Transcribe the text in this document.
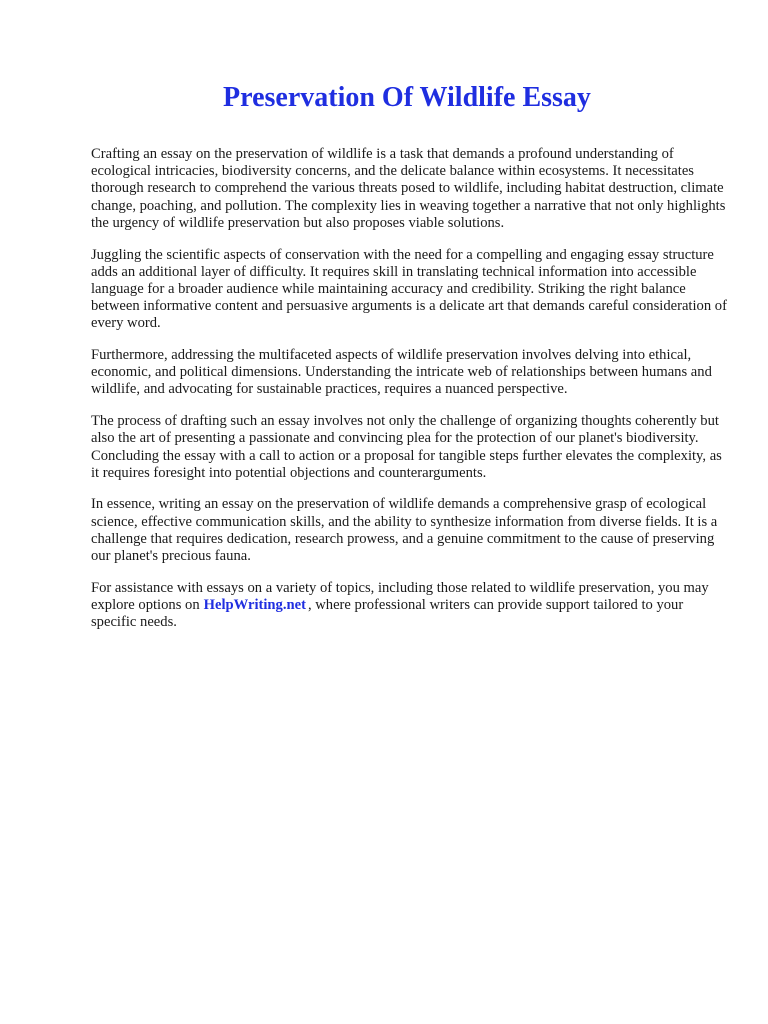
Preservation Of Wildlife Essay

Crafting an essay on the preservation of wildlife is a task that demands a profound understanding of ecological intricacies, biodiversity concerns, and the delicate balance within ecosystems. It necessitates thorough research to comprehend the various threats posed to wildlife, including habitat destruction, climate change, poaching, and pollution. The complexity lies in weaving together a narrative that not only highlights the urgency of wildlife preservation but also proposes viable solutions.

Juggling the scientific aspects of conservation with the need for a compelling and engaging essay structure adds an additional layer of difficulty. It requires skill in translating technical information into accessible language for a broader audience while maintaining accuracy and credibility. Striking the right balance between informative content and persuasive arguments is a delicate art that demands careful consideration of every word.

Furthermore, addressing the multifaceted aspects of wildlife preservation involves delving into ethical, economic, and political dimensions. Understanding the intricate web of relationships between humans and wildlife, and advocating for sustainable practices, requires a nuanced perspective.

The process of drafting such an essay involves not only the challenge of organizing thoughts coherently but also the art of presenting a passionate and convincing plea for the protection of our planet's biodiversity. Concluding the essay with a call to action or a proposal for tangible steps further elevates the complexity, as it requires foresight into potential objections and counterarguments.

In essence, writing an essay on the preservation of wildlife demands a comprehensive grasp of ecological science, effective communication skills, and the ability to synthesize information from diverse fields. It is a challenge that requires dedication, research prowess, and a genuine commitment to the cause of preserving our planet's precious fauna.

For assistance with essays on a variety of topics, including those related to wildlife preservation, you may explore options on HelpWriting.net , where professional writers can provide support tailored to your specific needs.
